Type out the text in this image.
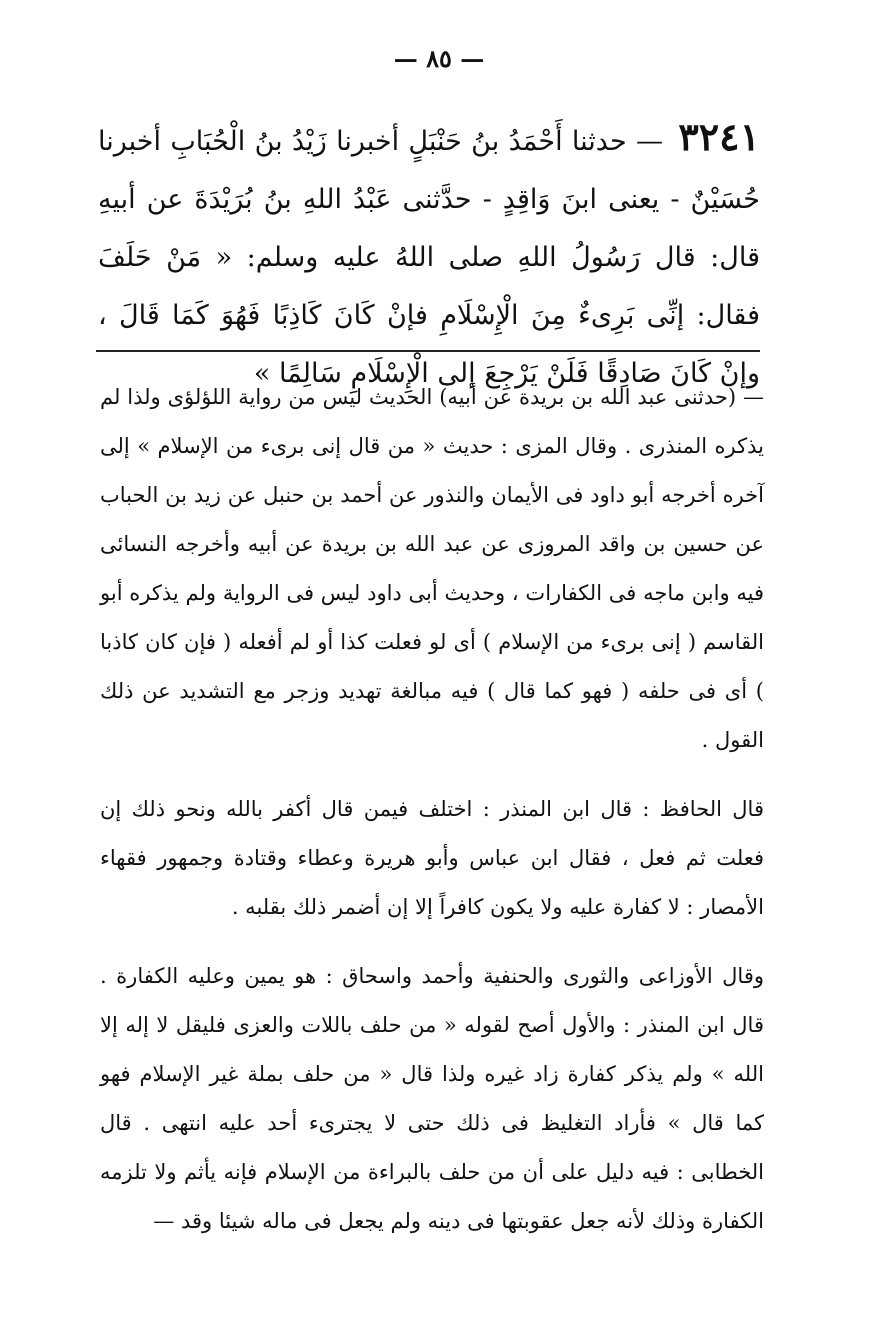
— ٨٥ —
٣٢٤١ — حدثنا أَحْمَدُ بنُ حَنْبَلٍ أخبرنا زَيْدُ بنُ الْحُبَابِ أخبرنا حُسَيْنٌ - يعنى ابنَ وَاقِدٍ - حدَّثنى عَبْدُ اللهِ بنُ بُرَيْدَةَ عن أبيهِ قال: قال رَسُولُ اللهِ صلى اللهُ عليه وسلم: « مَنْ حَلَفَ فقال: إنِّى بَرِىءٌ مِنَ الْإِسْلَامِ فإنْ كَانَ كَاذِبًا فَهُوَ كَمَا قَالَ ، وإنْ كَانَ صَادِقًا فَلَنْ يَرْجِعَ إلى الْإِسْلَامِ سَالِمًا »

— (حدثنى عبد الله بن بريدة عن أبيه) الحديث ليس من رواية اللؤلؤى ولذا لم يذكره المنذرى . وقال المزى : حديث « من قال إنى برىء من الإسلام » إلى آخره أخرجه أبو داود فى الأيمان والنذور عن أحمد بن حنبل عن زيد بن الحباب عن حسين بن واقد المروزى عن عبد الله بن بريدة عن أبيه وأخرجه النسائى فيه وابن ماجه فى الكفارات ، وحديث أبى داود ليس فى الرواية ولم يذكره أبو القاسم ( إنى برىء من الإسلام ) أى لو فعلت كذا أو لم أفعله ( فإن كان كاذبا ) أى فى حلفه ( فهو كما قال ) فيه مبالغة تهديد وزجر مع التشديد عن ذلك القول .

قال الحافظ : قال ابن المنذر : اختلف فيمن قال أكفر بالله ونحو ذلك إن فعلت ثم فعل ، فقال ابن عباس وأبو هريرة وعطاء وقتادة وجمهور فقهاء الأمصار : لا كفارة عليه ولا يكون كافراً إلا إن أضمر ذلك بقلبه .

وقال الأوزاعى والثورى والحنفية وأحمد واسحاق : هو يمين وعليه الكفارة . قال ابن المنذر : والأول أصح لقوله « من حلف باللات والعزى فليقل لا إله إلا الله » ولم يذكر كفارة زاد غيره ولذا قال « من حلف بملة غير الإسلام فهو كما قال » فأراد التغليظ فى ذلك حتى لا يجترىء أحد عليه انتهى . قال الخطابى : فيه دليل على أن من حلف بالبراءة من الإسلام فإنه يأثم ولا تلزمه الكفارة وذلك لأنه جعل عقوبتها فى دينه ولم يجعل فى ماله شيئا وقد —
